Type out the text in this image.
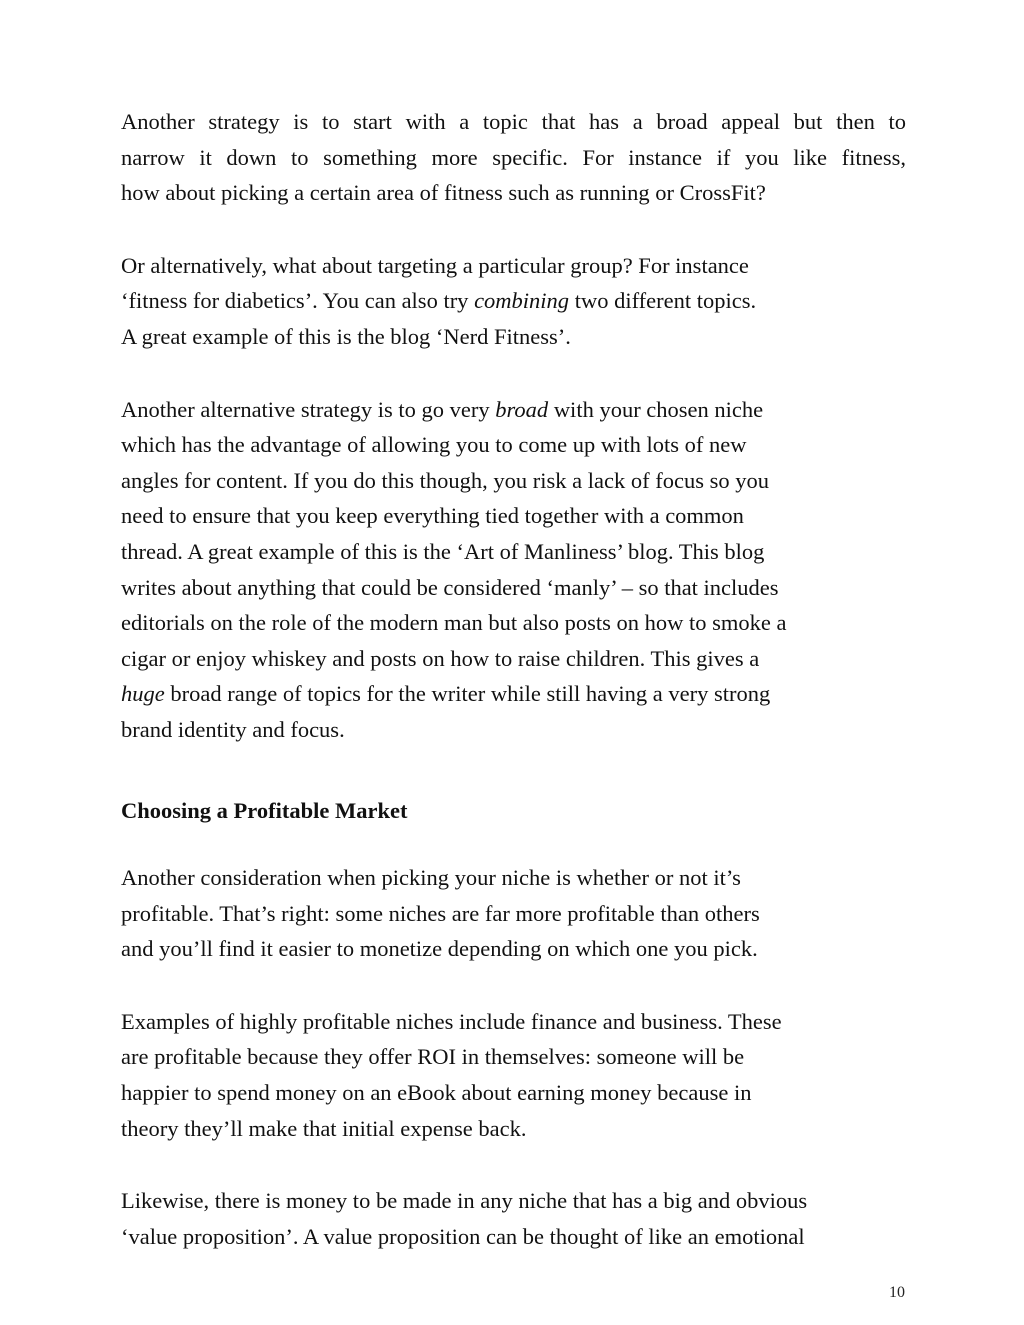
Another strategy is to start with a topic that has a broad appeal but then to
narrow it down to something more specific. For instance if you like fitness,
how about picking a certain area of fitness such as running or CrossFit?

Or alternatively, what about targeting a particular group? For instance
‘fitness for diabetics’. You can also try combining two different topics.
A great example of this is the blog ‘Nerd Fitness’.

Another alternative strategy is to go very broad with your chosen niche
which has the advantage of allowing you to come up with lots of new
angles for content. If you do this though, you risk a lack of focus so you
need to ensure that you keep everything tied together with a common
thread. A great example of this is the ‘Art of Manliness’ blog. This blog
writes about anything that could be considered ‘manly’ – so that includes
editorials on the role of the modern man but also posts on how to smoke a
cigar or enjoy whiskey and posts on how to raise children. This gives a
huge broad range of topics for the writer while still having a very strong
brand identity and focus.

Choosing a Profitable Market

Another consideration when picking your niche is whether or not it’s
profitable. That’s right: some niches are far more profitable than others
and you’ll find it easier to monetize depending on which one you pick.

Examples of highly profitable niches include finance and business. These
are profitable because they offer ROI in themselves: someone will be
happier to spend money on an eBook about earning money because in
theory they’ll make that initial expense back.

Likewise, there is money to be made in any niche that has a big and obvious
‘value proposition’. A value proposition can be thought of like an emotional

10
